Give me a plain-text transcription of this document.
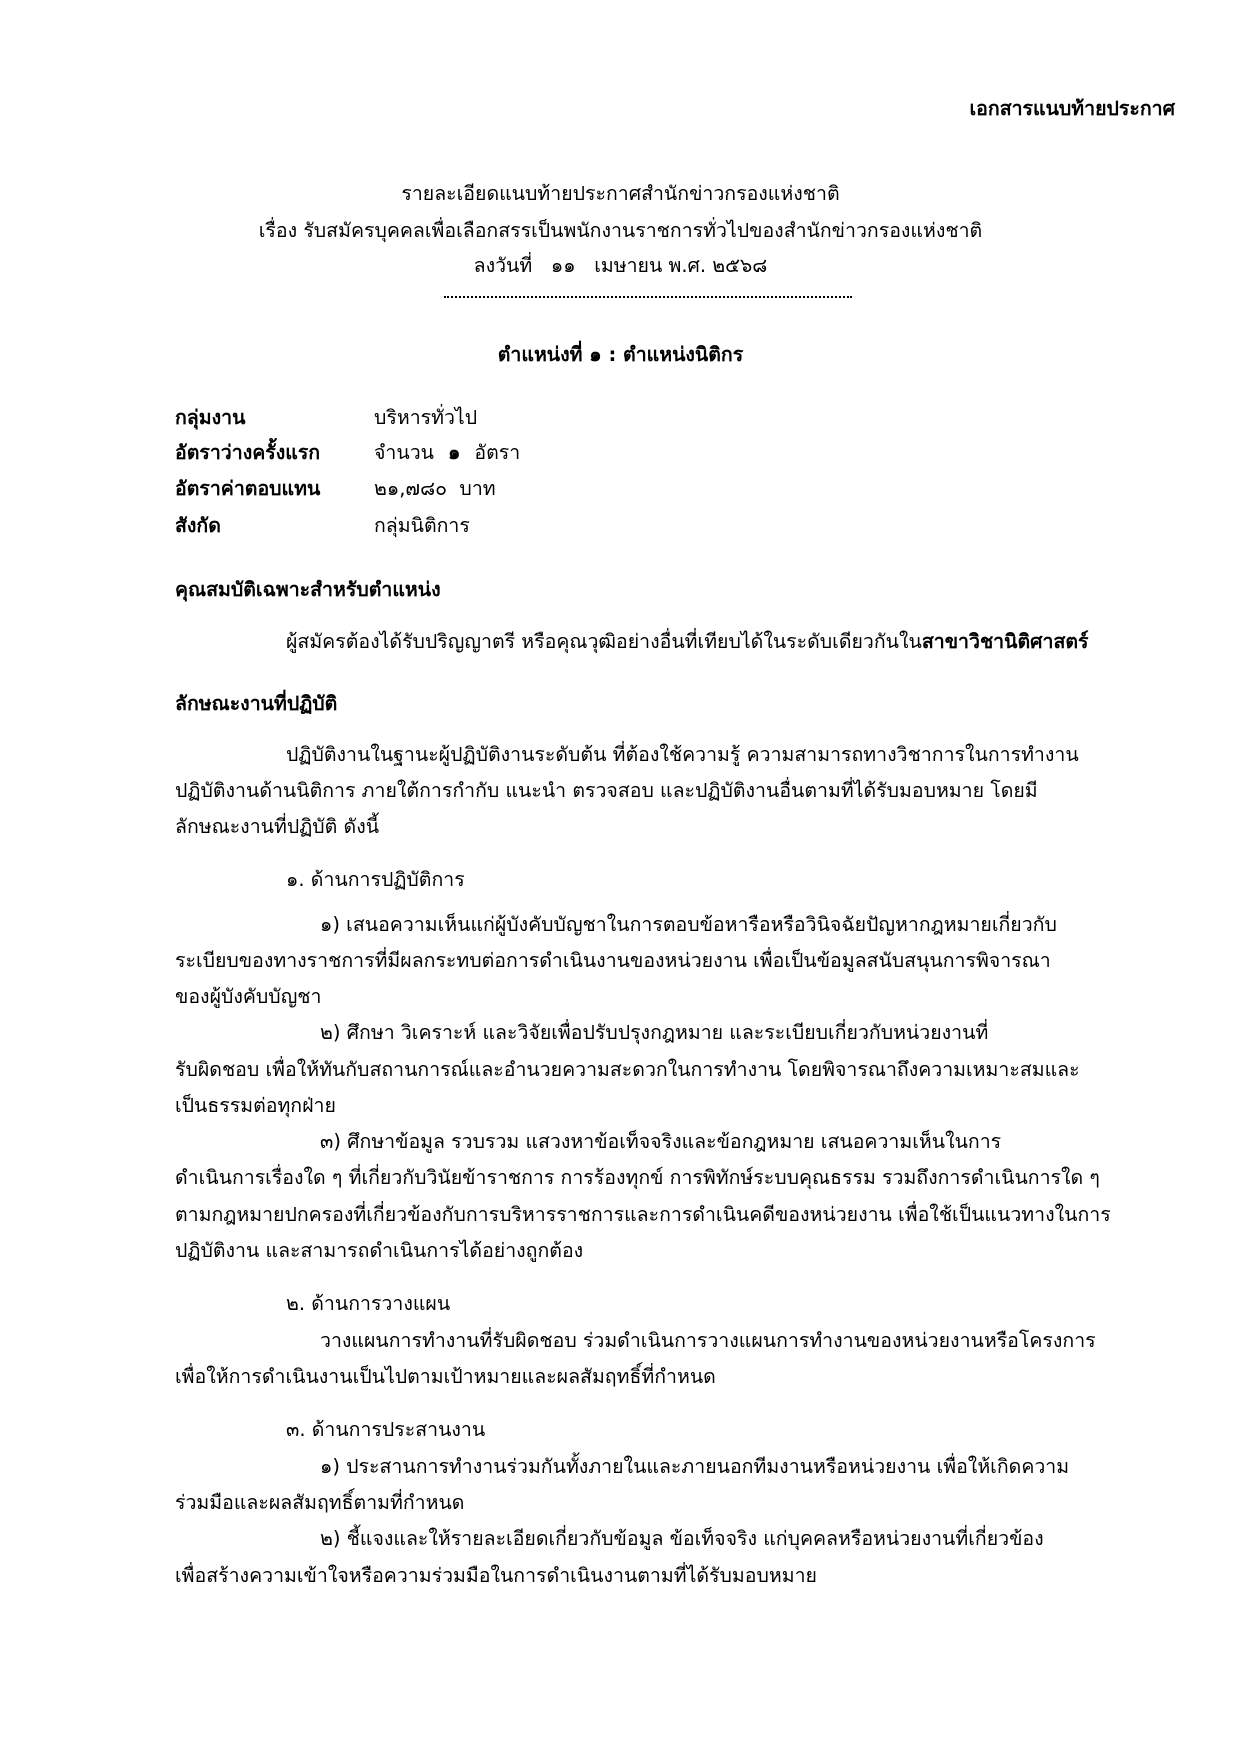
เอกสารแนบท้ายประกาศ
รายละเอียดแนบท้ายประกาศสำนักข่าวกรองแห่งชาติ
เรื่อง รับสมัครบุคคลเพื่อเลือกสรรเป็นพนักงานราชการทั่วไปของสำนักข่าวกรองแห่งชาติ
ลงวันที่   ๑๑   เมษายน พ.ศ. ๒๕๖๘
ตำแหน่งที่ ๑ : ตำแหน่งนิติกร
กลุ่มงาน	บริหารทั่วไป
อัตราว่างครั้งแรก	จำนวน ๑ อัตรา
อัตราค่าตอบแทน	๒๑,๗๘๐  บาท
สังกัด	กลุ่มนิติการ
คุณสมบัติเฉพาะสำหรับตำแหน่ง
ผู้สมัครต้องได้รับปริญญาตรี หรือคุณวุฒิอย่างอื่นที่เทียบได้ในระดับเดียวกันในสาขาวิชานิติศาสตร์
ลักษณะงานที่ปฏิบัติ
ปฏิบัติงานในฐานะผู้ปฏิบัติงานระดับต้น ที่ต้องใช้ความรู้ ความสามารถทางวิชาการในการทำงาน
ปฏิบัติงานด้านนิติการ ภายใต้การกำกับ แนะนำ ตรวจสอบ และปฏิบัติงานอื่นตามที่ได้รับมอบหมาย โดยมี
ลักษณะงานที่ปฏิบัติ ดังนี้
๑. ด้านการปฏิบัติการ
๑) เสนอความเห็นแก่ผู้บังคับบัญชาในการตอบข้อหารือหรือวินิจฉัยปัญหากฎหมายเกี่ยวกับ
ระเบียบของทางราชการที่มีผลกระทบต่อการดำเนินงานของหน่วยงาน เพื่อเป็นข้อมูลสนับสนุนการพิจารณา
ของผู้บังคับบัญชา
๒) ศึกษา วิเคราะห์ และวิจัยเพื่อปรับปรุงกฎหมาย และระเบียบเกี่ยวกับหน่วยงานที่
รับผิดชอบ เพื่อให้ทันกับสถานการณ์และอำนวยความสะดวกในการทำงาน โดยพิจารณาถึงความเหมาะสมและ
เป็นธรรมต่อทุกฝ่าย
๓) ศึกษาข้อมูล รวบรวม แสวงหาข้อเท็จจริงและข้อกฎหมาย เสนอความเห็นในการ
ดำเนินการเรื่องใด ๆ ที่เกี่ยวกับวินัยข้าราชการ การร้องทุกข์ การพิทักษ์ระบบคุณธรรม รวมถึงการดำเนินการใด ๆ
ตามกฎหมายปกครองที่เกี่ยวข้องกับการบริหารราชการและการดำเนินคดีของหน่วยงาน เพื่อใช้เป็นแนวทางในการ
ปฏิบัติงาน และสามารถดำเนินการได้อย่างถูกต้อง
๒. ด้านการวางแผน
วางแผนการทำงานที่รับผิดชอบ ร่วมดำเนินการวางแผนการทำงานของหน่วยงานหรือโครงการ
เพื่อให้การดำเนินงานเป็นไปตามเป้าหมายและผลสัมฤทธิ์ที่กำหนด
๓. ด้านการประสานงาน
๑) ประสานการทำงานร่วมกันทั้งภายในและภายนอกทีมงานหรือหน่วยงาน เพื่อให้เกิดความ
ร่วมมือและผลสัมฤทธิ์ตามที่กำหนด
๒) ชี้แจงและให้รายละเอียดเกี่ยวกับข้อมูล ข้อเท็จจริง แก่บุคคลหรือหน่วยงานที่เกี่ยวข้อง
เพื่อสร้างความเข้าใจหรือความร่วมมือในการดำเนินงานตามที่ได้รับมอบหมาย
